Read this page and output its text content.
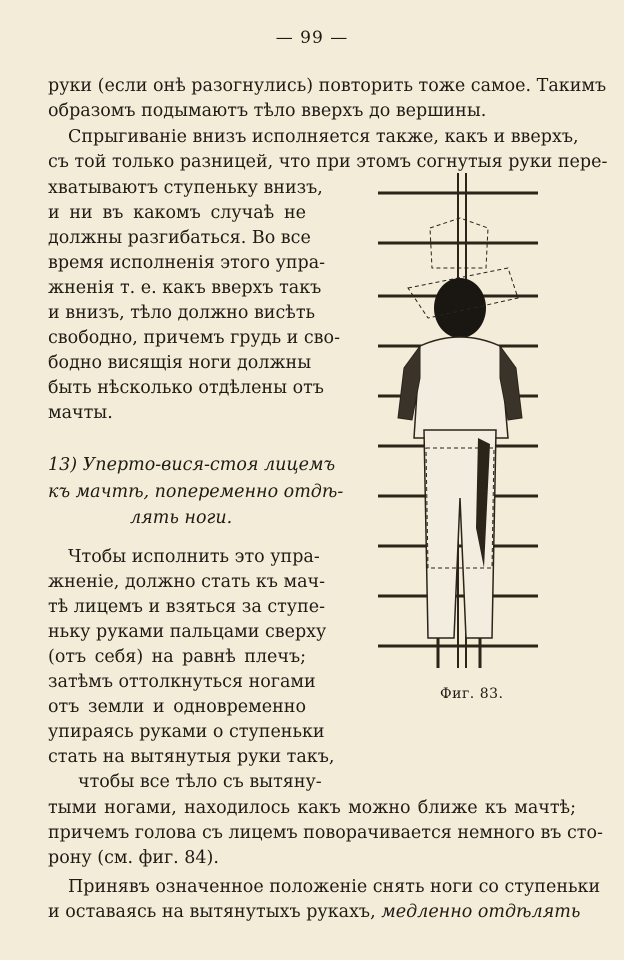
— 99 —
руки (если онѣ разогнулись) повторить тоже самое. Такимъ
образомъ подымаютъ тѣло вверхъ до вершины.
Спрыгиваніе внизъ исполняется также, какъ и вверхъ,
съ той только разницей, что при этомъ согнутыя руки пере-
хватываютъ ступеньку внизъ,
и ни въ какомъ случаѣ не
должны разгибаться. Во все
время исполненія этого упра-
жненія т. е. какъ вверхъ такъ
и внизъ, тѣло должно висѣть
свободно, причемъ грудь и сво-
бодно висящія ноги должны
быть нѣсколько отдѣлены отъ
мачты.
13) Уперто-вися-стоя лицемъ
къ мачтѣ, попеременно отдѣ-
лять ноги.
Чтобы исполнить это упра-
жненіе, должно стать къ мач-
тѣ лицемъ и взяться за ступе-
ньку руками пальцами сверху
(отъ себя) на равнѣ плечъ;
затѣмъ оттолкнуться ногами
отъ земли и одновременно
упираясь руками о ступеньки
стать на вытянутыя руки такъ,
чтобы все тѣло съ вытяну-
тыми ногами, находилось какъ можно ближе къ мачтѣ;
причемъ голова съ лицемъ поворачивается немного въ сто-
рону (см. фиг. 84).
Принявъ означенное положеніе снять ноги со ступеньки
и оставаясь на вытянутыхъ рукахъ, медленно отдѣлять
Фиг. 83.
